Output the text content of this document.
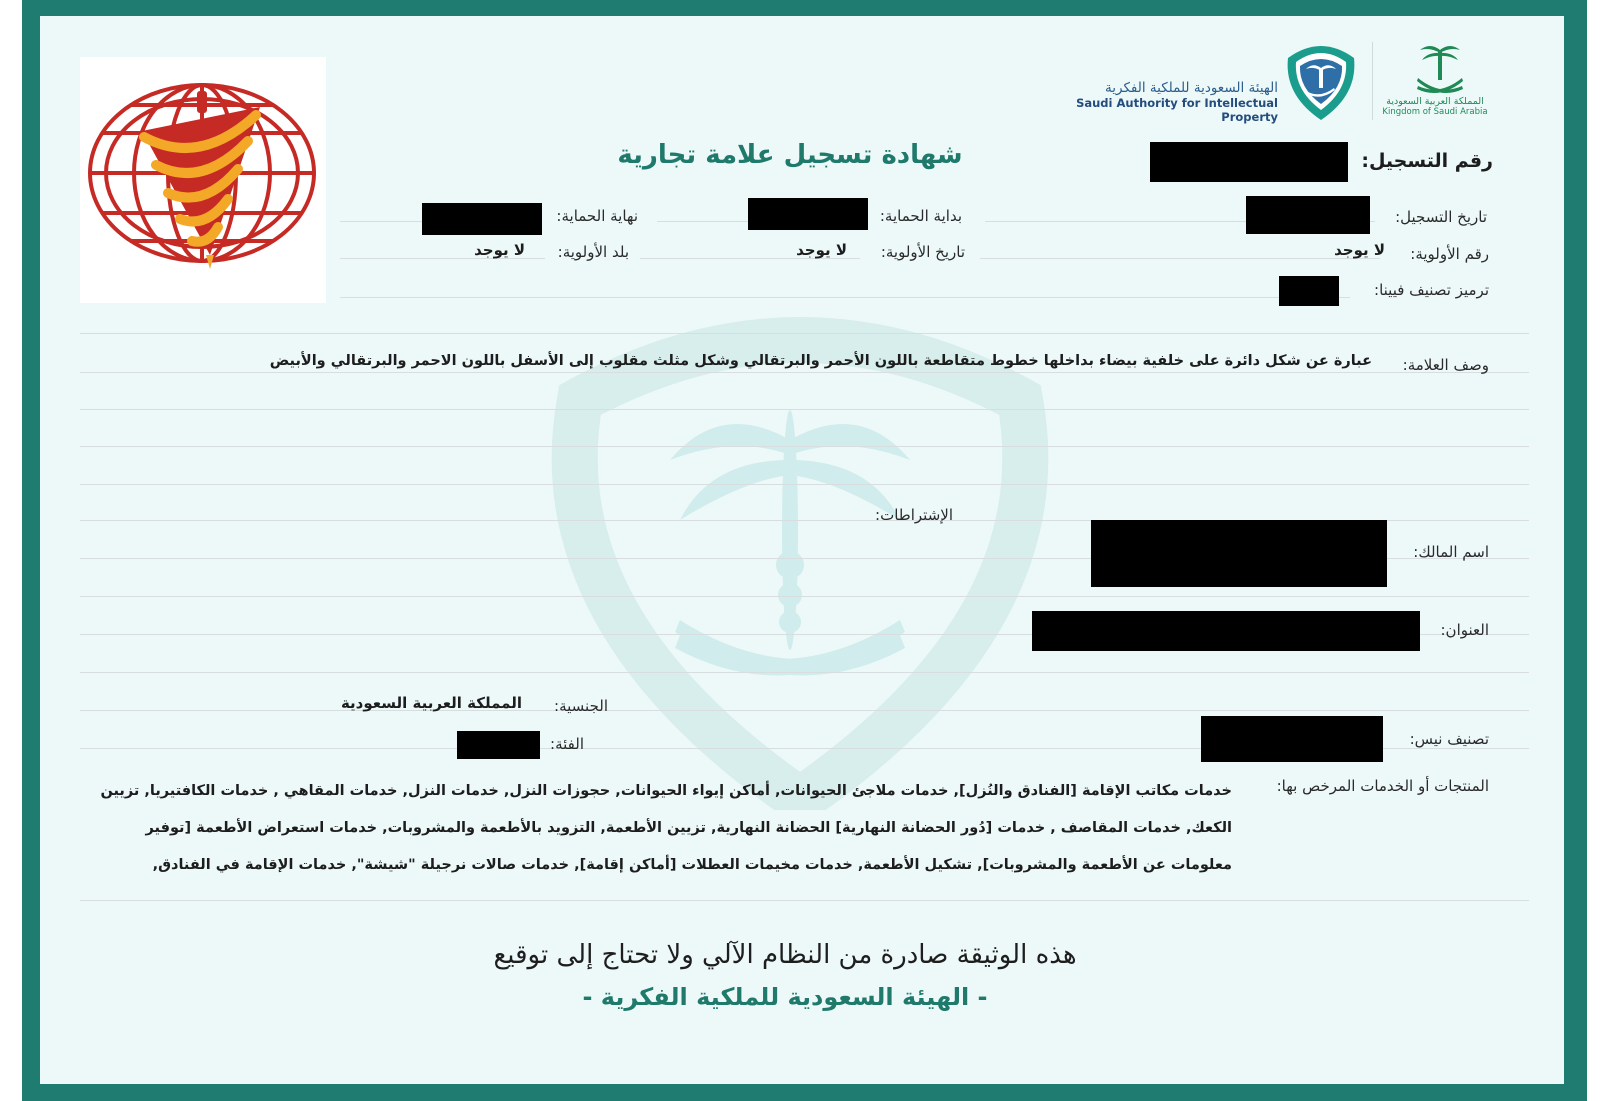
المملكة العربية السعودية
Kingdom of Saudi Arabia
الهيئة السعودية للملكية الفكرية
Saudi Authority for Intellectual Property
شهادة تسجيل علامة تجارية	رقم التسجيل:
تاريخ التسجيل:
بداية الحماية:
نهاية الحماية:
رقم الأولوية:
لا يوجد
تاريخ الأولوية:
لا يوجد
بلد الأولوية:
لا يوجد
ترميز تصنيف فيينا:
وصف العلامة:
عبارة عن شكل دائرة على خلفية بيضاء بداخلها خطوط متقاطعة باللون الأحمر والبرتقالي وشكل مثلث مقلوب إلى الأسفل باللون الاحمر والبرتقالي والأبيض
الإشتراطات:
اسم المالك:
العنوان:
الجنسية:
المملكة العربية السعودية
تصنيف نيس:
الفئة:
المنتجات أو الخدمات المرخص بها:
خدمات مكاتب الإقامة [الفنادق والنُزل], خدمات ملاجئ الحيوانات, أماكن إيواء الحيوانات, حجوزات النزل, خدمات النزل, خدمات المقاهي , خدمات الكافتيريا, تزيين الكعك, خدمات المقاصف , خدمات [دُور الحضانة النهارية] الحضانة النهارية, تزيين الأطعمة, التزويد بالأطعمة والمشروبات, خدمات استعراض الأطعمة [توفير معلومات عن الأطعمة والمشروبات], تشكيل الأطعمة, خدمات مخيمات العطلات [أماكن إقامة], خدمات صالات نرجيلة "شيشة", خدمات الإقامة في الفنادق,
هذه الوثيقة صادرة من النظام الآلي ولا تحتاج إلى توقيع
- الهيئة السعودية للملكية الفكرية -
